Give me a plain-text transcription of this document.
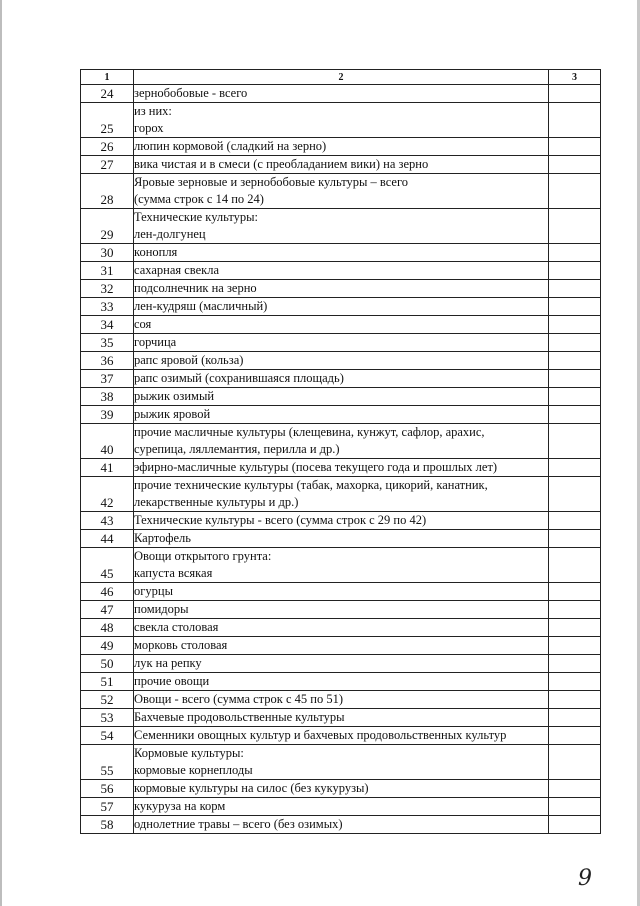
1	2	3
24	зернобобовые - всего	

25	из них:
горох	

26	люпин кормовой (сладкий на зерно)	

27	вика чистая и в смеси (с преобладанием вики) на зерно	

28	Яровые зерновые и зернобобовые культуры – всего
(сумма строк с 14 по 24)	

29	Технические культуры:
лен-долгунец	

30	конопля	

31	сахарная свекла	

32	подсолнечник на зерно	

33	лен-кудряш (масличный)	

34	соя	

35	горчица	

36	рапс яровой (кольза)	

37	рапс озимый (сохранившаяся площадь)	

38	рыжик озимый	

39	рыжик яровой	

40	прочие масличные культуры (клещевина, кунжут, сафлор, арахис,
сурепица, ляллемантия, перилла и др.)	

41	эфирно-масличные культуры (посева текущего года и прошлых лет)	

42	прочие технические культуры (табак, махорка, цикорий, канатник,
лекарственные культуры и др.)	

43	Технические культуры - всего (сумма строк с 29 по 42)	

44	Картофель	

45	Овощи открытого грунта:
капуста всякая	

46	огурцы	

47	помидоры	

48	свекла столовая	

49	морковь столовая	

50	лук на репку	

51	прочие овощи	

52	Овощи - всего (сумма строк с 45 по 51)	

53	Бахчевые продовольственные культуры	

54	Семенники овощных культур и бахчевых продовольственных культур	

55	Кормовые культуры:
кормовые корнеплоды	

56	кормовые культуры на силос (без кукурузы)	

57	кукуруза на корм	

58	однолетние травы – всего (без озимых)	

9
